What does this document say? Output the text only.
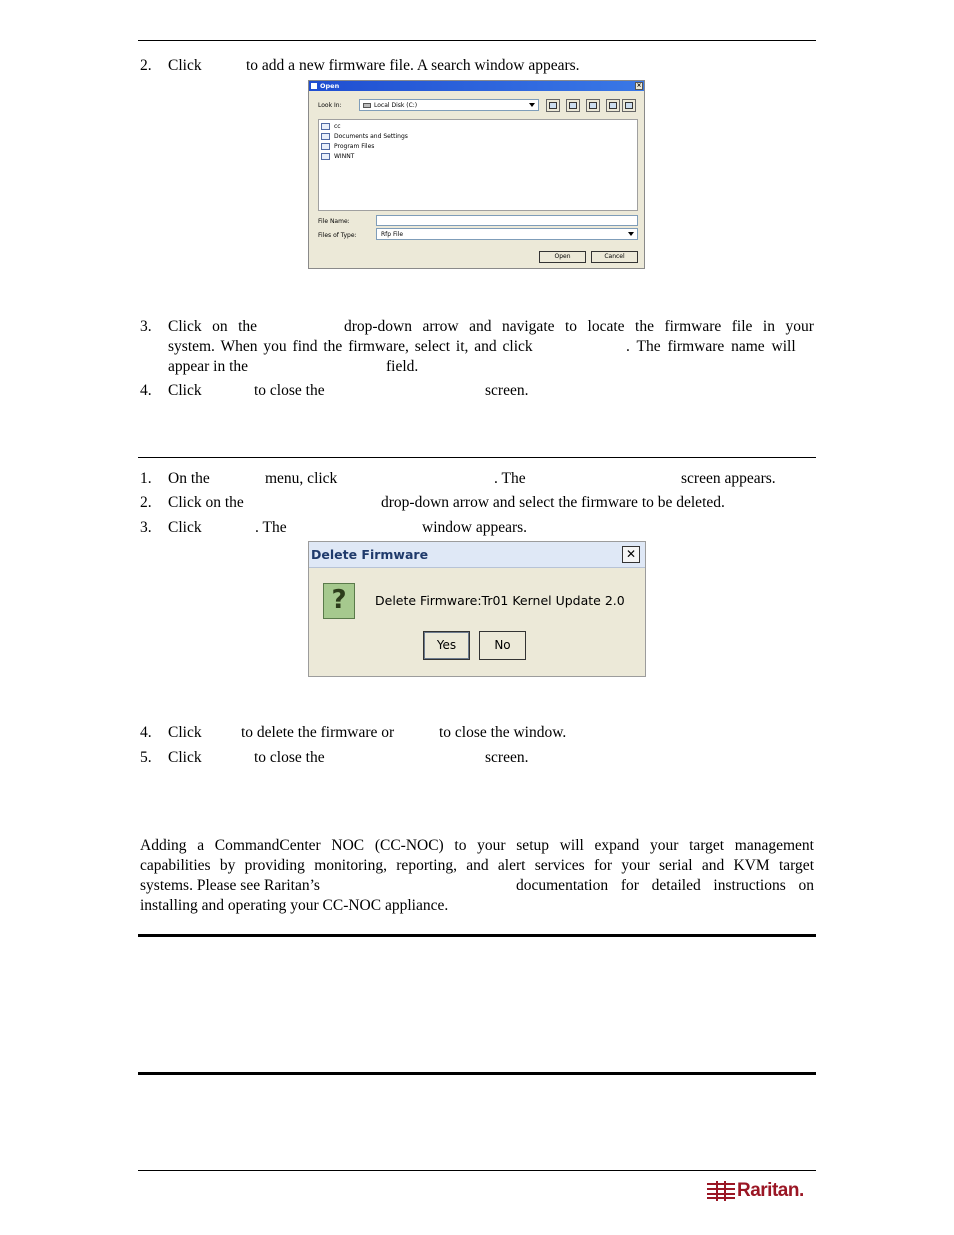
2. Click	to add a new firmware file. A search window appears.
Open	×
Look In:	Local Disk (C:)
cc
Documents and Settings
Program Files
WINNT
File Name:
Files of Type:	Rfp File
Open	Cancel
3. Click on the	drop-down arrow and navigate to locate the firmware file in your
system. When you find the firmware, select it, and click	. The firmware name will
appear in the	field.
4. Click	to close the	screen.
1. On the	menu, click	. The	screen appears.
2. Click on the	drop-down arrow and select the firmware to be deleted.
3. Click	. The	window appears.
Delete Firmware	✕
?	Delete Firmware:Tr01 Kernel Update 2.0
Yes	No
4. Click	to delete the firmware or	to close the window.
5. Click	to close the	screen.
Adding a CommandCenter NOC (CC-NOC) to your setup will expand your target management
capabilities by providing monitoring, reporting, and alert services for your serial and KVM target
systems. Please see Raritan’s	documentation for detailed instructions on
installing and operating your CC-NOC appliance.
Raritan.
